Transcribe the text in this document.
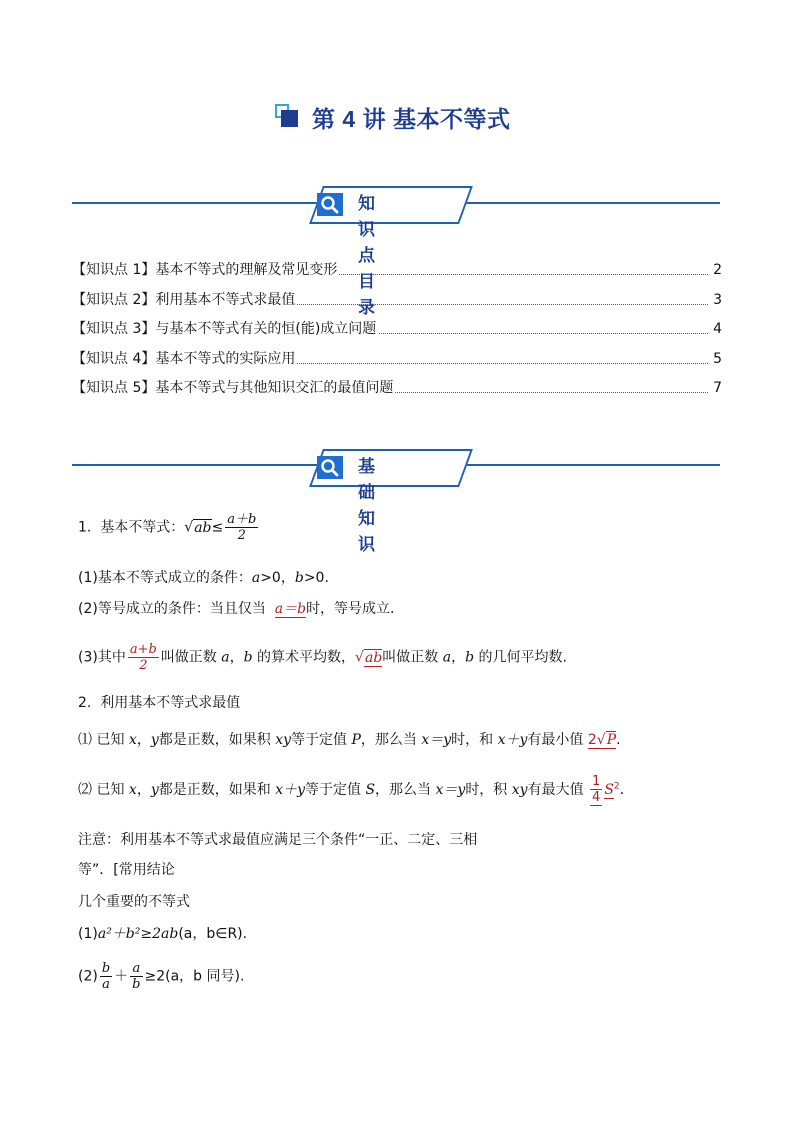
第 4 讲 基本不等式
知识点目录
【知识点 1】基本不等式的理解及常见变形	2
【知识点 2】利用基本不等式求最值	3
【知识点 3】与基本不等式有关的恒(能)成立问题	4
【知识点 4】基本不等式的实际应用	5
【知识点 5】基本不等式与其他知识交汇的最值问题	7
基础知识
1. 基本不等式：$√ab\le \frac{a+b}{2}$
(1)基本不等式成立的条件：a>0，b>0.
(2)等号成立的条件：当且仅当 a＝b时，等号成立.
(3)其中 $\frac{a+b}{2}$ 叫做正数 a，b 的算术平均数，√ab叫做正数 a，b 的几何平均数.
2. 利用基本不等式求最值
⑴ 已知 x，y都是正数，如果积 xy等于定值 P，那么当 x＝y时，和 x＋y有最小值 2√P.
⑵ 已知 x，y都是正数，如果和 x＋y等于定值 S，那么当 x＝y时，积 xy有最大值 $\frac{1}{4} S^2$.
注意：利用基本不等式求最值应满足三个条件“一正、二定、三相
等”．[常用结论
几个重要的不等式
(1)a²＋b²≥2ab(a，b∈R).
$(2) \frac{b}{a} + \frac{a}{b} \ge 2(a$，b 同号).
